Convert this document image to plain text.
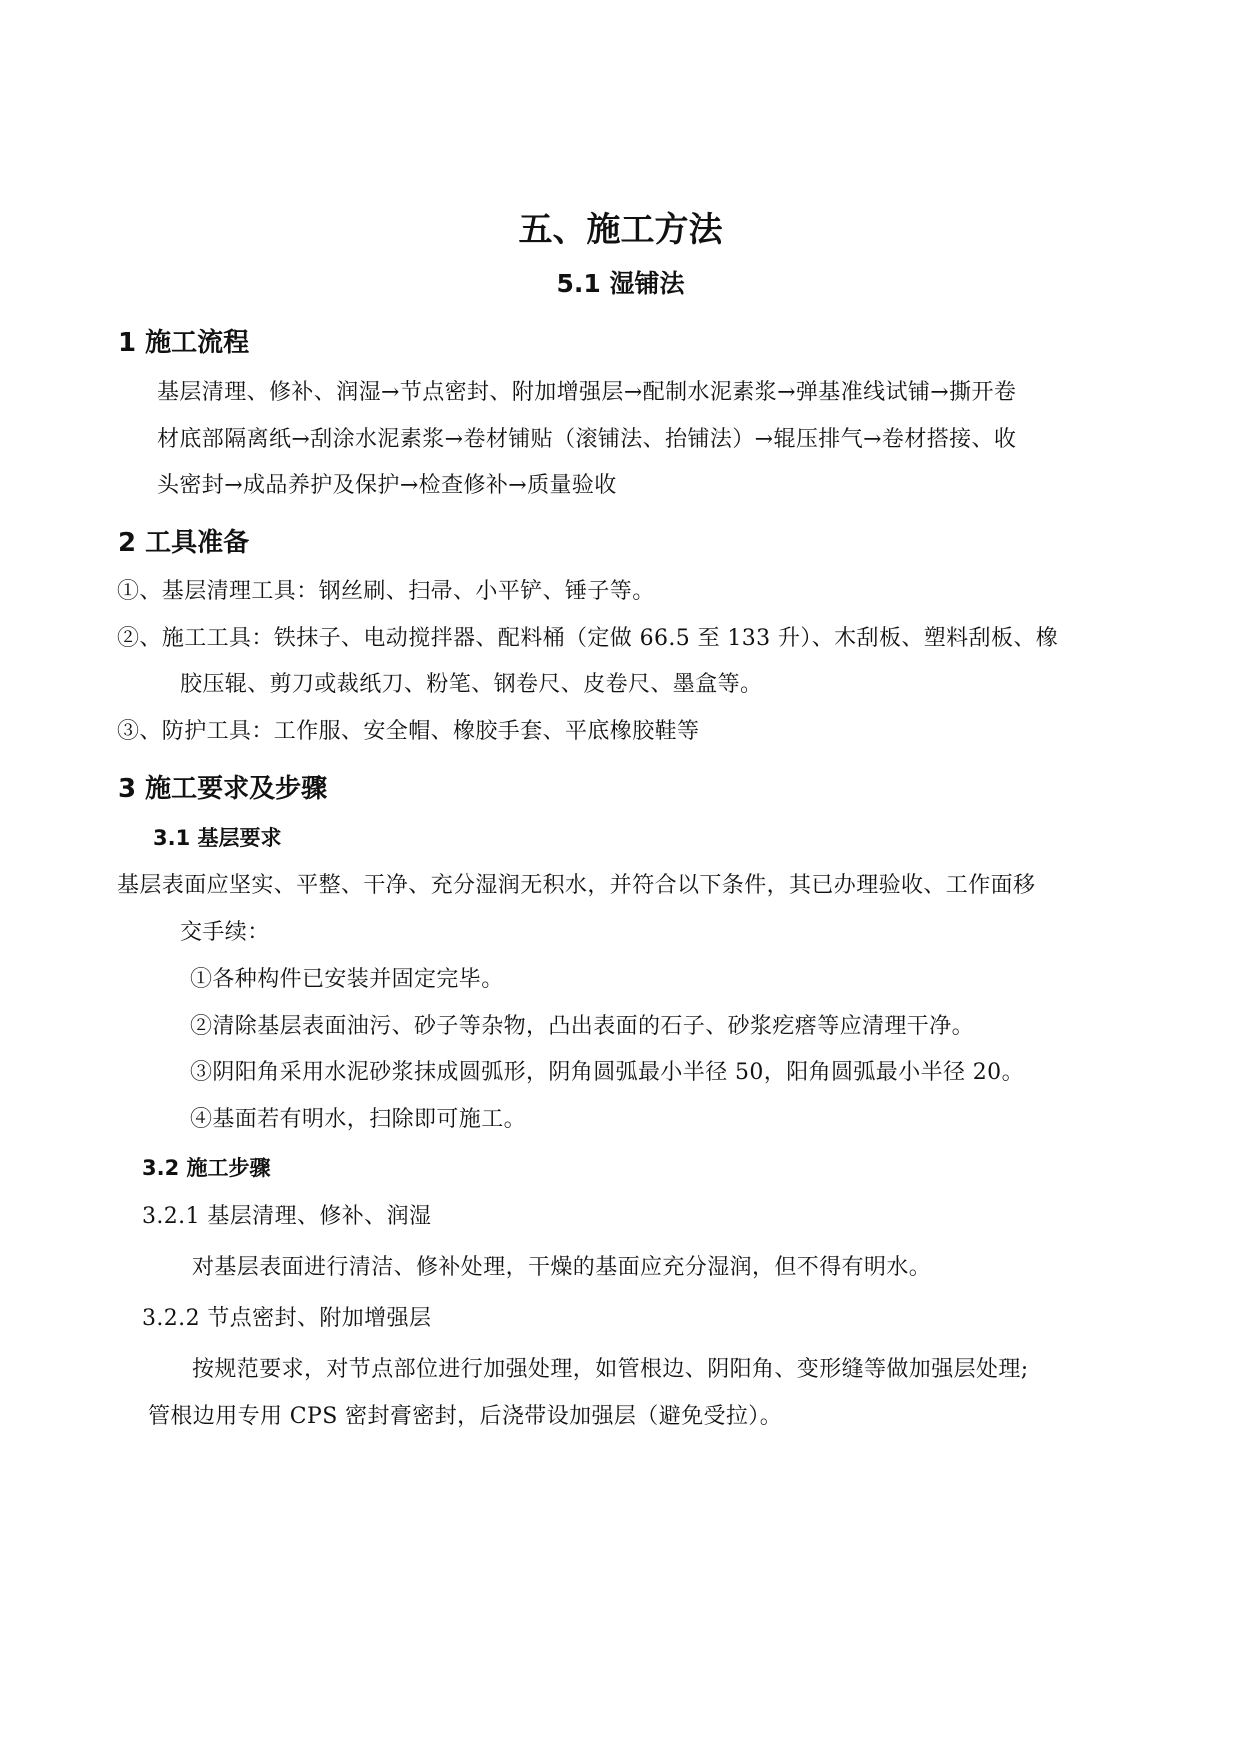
五、施工方法
5.1 湿铺法
1 施工流程
基层清理、修补、润湿→节点密封、附加增强层→配制水泥素浆→弹基准线试铺→撕开卷
材底部隔离纸→刮涂水泥素浆→卷材铺贴（滚铺法、抬铺法）→辊压排气→卷材搭接、收
头密封→成品养护及保护→检查修补→质量验收
2 工具准备
①、基层清理工具：钢丝刷、扫帚、小平铲、锤子等。
②、施工工具：铁抹子、电动搅拌器、配料桶（定做 66.5 至 133 升）、木刮板、塑料刮板、橡
胶压辊、剪刀或裁纸刀、粉笔、钢卷尺、皮卷尺、墨盒等。
③、防护工具：工作服、安全帽、橡胶手套、平底橡胶鞋等
3 施工要求及步骤
3.1 基层要求
基层表面应坚实、平整、干净、充分湿润无积水，并符合以下条件，其已办理验收、工作面移
交手续：
①各种构件已安装并固定完毕。
②清除基层表面油污、砂子等杂物，凸出表面的石子、砂浆疙瘩等应清理干净。
③阴阳角采用水泥砂浆抹成圆弧形，阴角圆弧最小半径 50，阳角圆弧最小半径 20。
④基面若有明水，扫除即可施工。
3.2 施工步骤
3.2.1 基层清理、修补、润湿
对基层表面进行清洁、修补处理，干燥的基面应充分湿润，但不得有明水。
3.2.2 节点密封、附加增强层
按规范要求，对节点部位进行加强处理，如管根边、阴阳角、变形缝等做加强层处理;
管根边用专用 CPS 密封膏密封，后浇带设加强层（避免受拉）。
